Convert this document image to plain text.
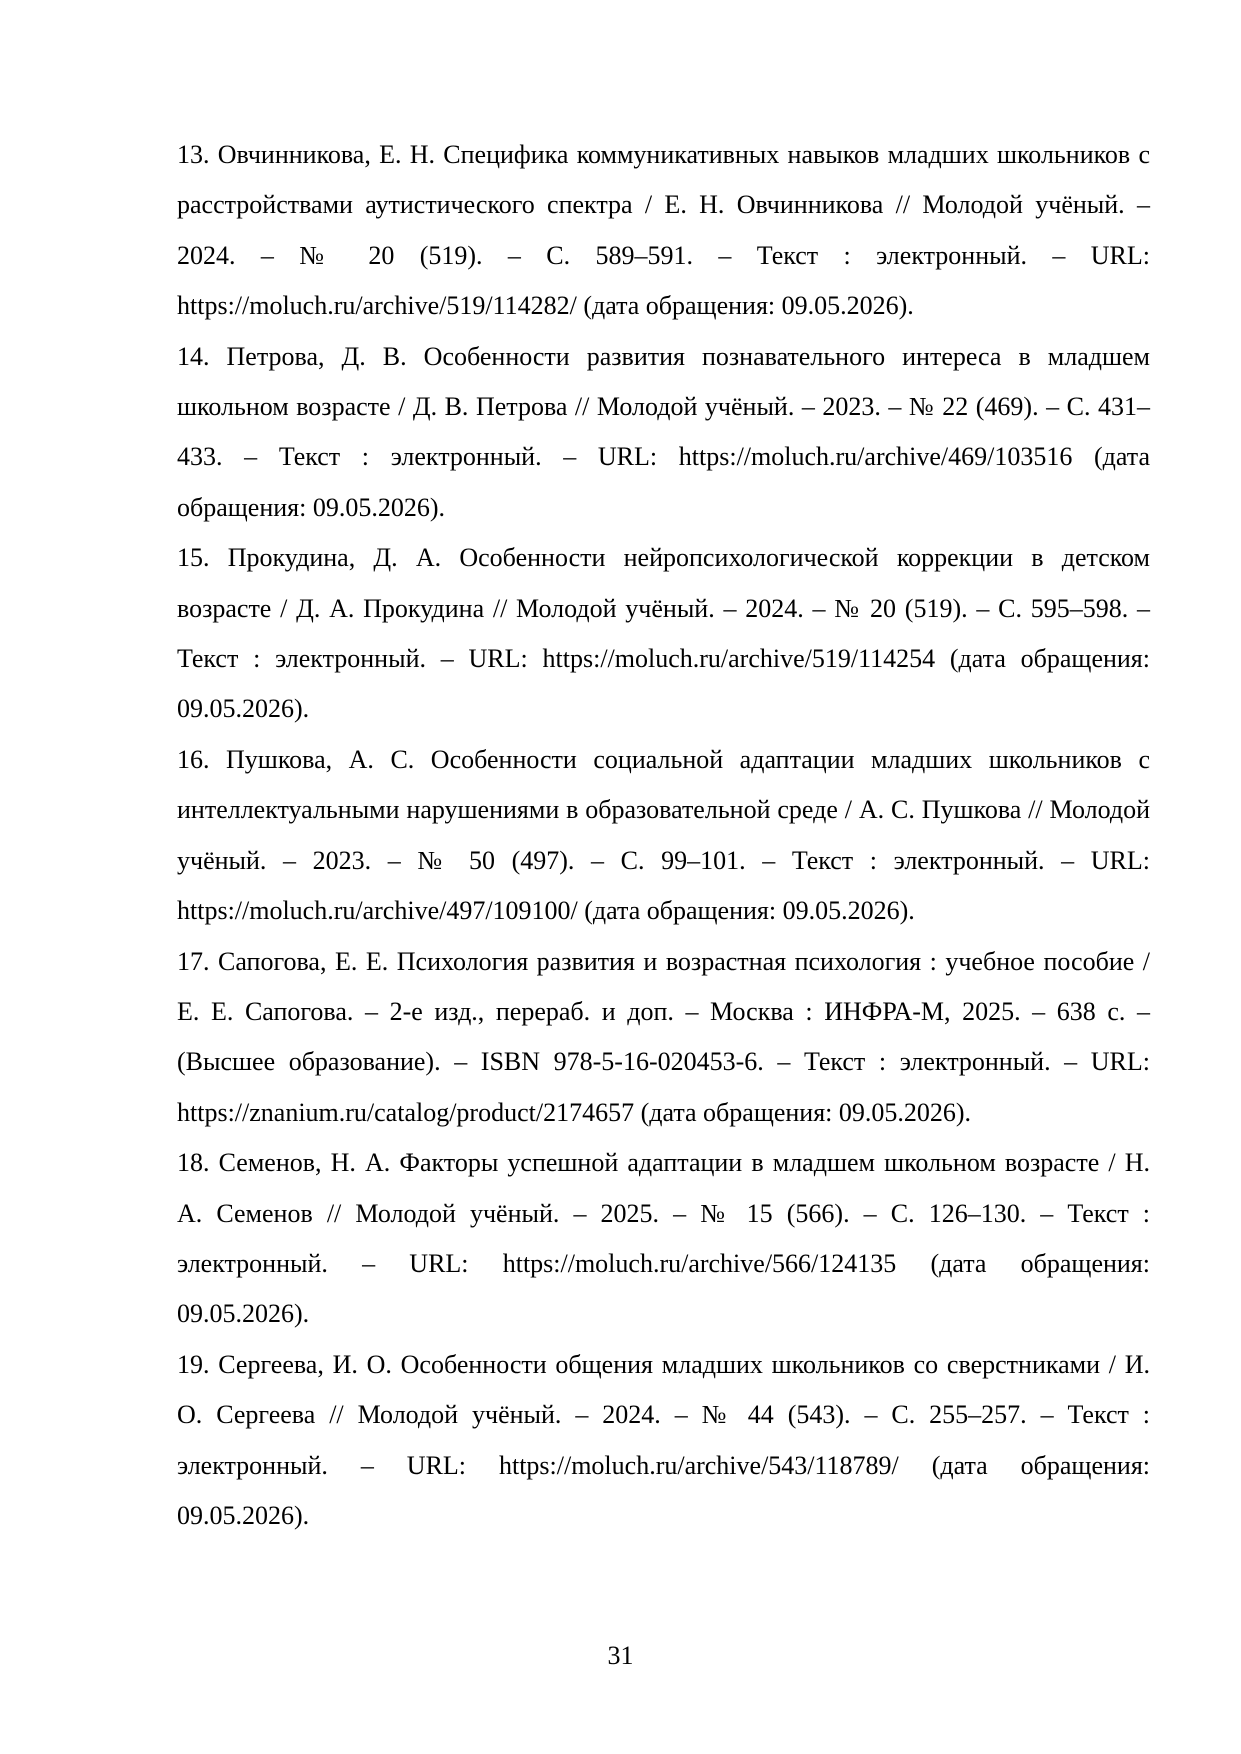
13. Овчинникова, Е. Н. Специфика коммуникативных навыков младших школьников с расстройствами аутистического спектра / Е. Н. Овчинникова // Молодой учёный. – 2024. – № 20 (519). – С. 589–591. – Текст : электронный. – URL: https://moluch.ru/archive/519/114282/ (дата обращения: 09.05.2026).
14. Петрова, Д. В. Особенности развития познавательного интереса в младшем школьном возрасте / Д. В. Петрова // Молодой учёный. – 2023. – № 22 (469). – С. 431–433. – Текст : электронный. – URL: https://moluch.ru/archive/469/103516 (дата обращения: 09.05.2026).
15. Прокудина, Д. А. Особенности нейропсихологической коррекции в детском возрасте / Д. А. Прокудина // Молодой учёный. – 2024. – № 20 (519). – С. 595–598. – Текст : электронный. – URL: https://moluch.ru/archive/519/114254 (дата обращения: 09.05.2026).
16. Пушкова, А. С. Особенности социальной адаптации младших школьников с интеллектуальными нарушениями в образовательной среде / А. С. Пушкова // Молодой учёный. – 2023. – № 50 (497). – С. 99–101. – Текст : электронный. – URL: https://moluch.ru/archive/497/109100/ (дата обращения: 09.05.2026).
17. Сапогова, Е. Е. Психология развития и возрастная психология : учебное пособие / Е. Е. Сапогова. – 2-е изд., перераб. и доп. – Москва : ИНФРА-М, 2025. – 638 с. – (Высшее образование). – ISBN 978-5-16-020453-6. – Текст : электронный. – URL: https://znanium.ru/catalog/product/2174657 (дата обращения: 09.05.2026).
18. Семенов, Н. А. Факторы успешной адаптации в младшем школьном возрасте / Н. А. Семенов // Молодой учёный. – 2025. – № 15 (566). – С. 126–130. – Текст : электронный. – URL: https://moluch.ru/archive/566/124135 (дата обращения: 09.05.2026).
19. Сергеева, И. О. Особенности общения младших школьников со сверстниками / И. О. Сергеева // Молодой учёный. – 2024. – № 44 (543). – С. 255–257. – Текст : электронный. – URL: https://moluch.ru/archive/543/118789/ (дата обращения: 09.05.2026).
31
